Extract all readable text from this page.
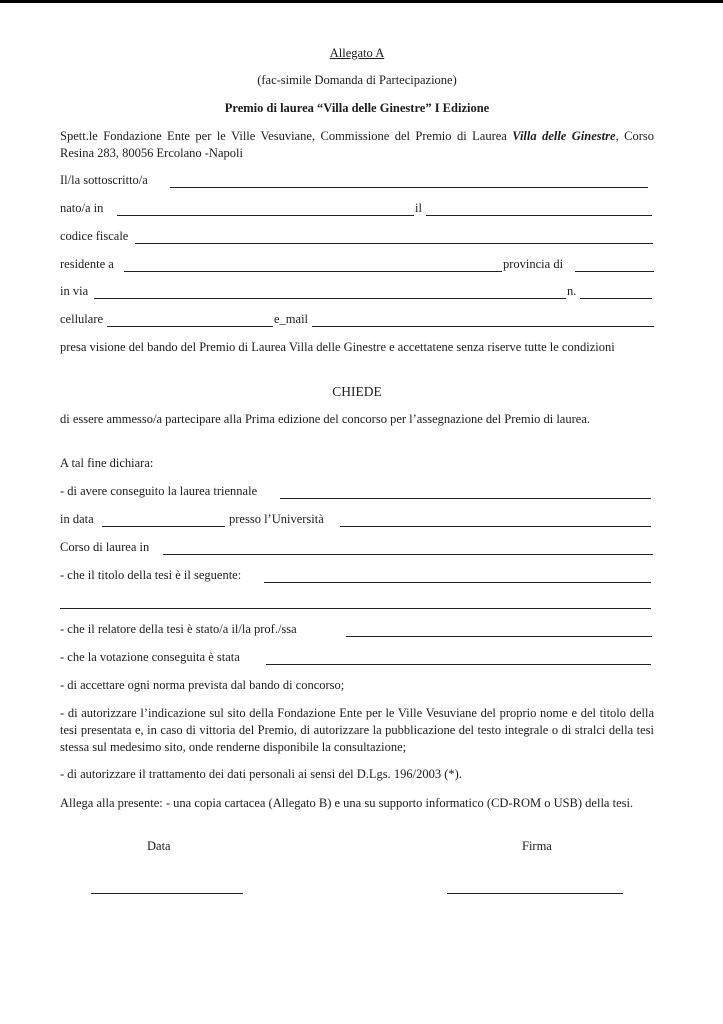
Allegato A
(fac-simile Domanda di Partecipazione)
Premio di laurea “Villa delle Ginestre” I Edizione
Spett.le Fondazione Ente per le Ville Vesuviane, Commissione del Premio di Laurea Villa delle Ginestre, Corso Resina 283, 80056 Ercolano -Napoli
Il/la sottoscritto/a
nato/a in	il
codice fiscale
residente a	provincia di
in via	n.
cellulare	e_mail
presa visione del bando del Premio di Laurea Villa delle Ginestre e accettatene senza riserve tutte le condizioni
CHIEDE
di essere ammesso/a partecipare alla Prima edizione del concorso per l’assegnazione del Premio di laurea.
A tal fine dichiara:
- di avere conseguito la laurea triennale
in data	presso l’Università
Corso di laurea in
- che il titolo della tesi è il seguente:
- che il relatore della tesi è stato/a il/la prof./ssa
- che la votazione conseguita è stata
- di accettare ogni norma prevista dal bando di concorso;
- di autorizzare l’indicazione sul sito della Fondazione Ente per le Ville Vesuviane del proprio nome e del titolo della tesi presentata e, in caso di vittoria del Premio, di autorizzare la pubblicazione del testo integrale o di stralci della tesi stessa sul medesimo sito, onde renderne disponibile la consultazione;
- di autorizzare il trattamento dei dati personali ai sensi del D.Lgs. 196/2003 (*).
Allega alla presente: - una copia cartacea (Allegato B) e una su supporto informatico (CD-ROM o USB) della tesi.
Data	Firma
